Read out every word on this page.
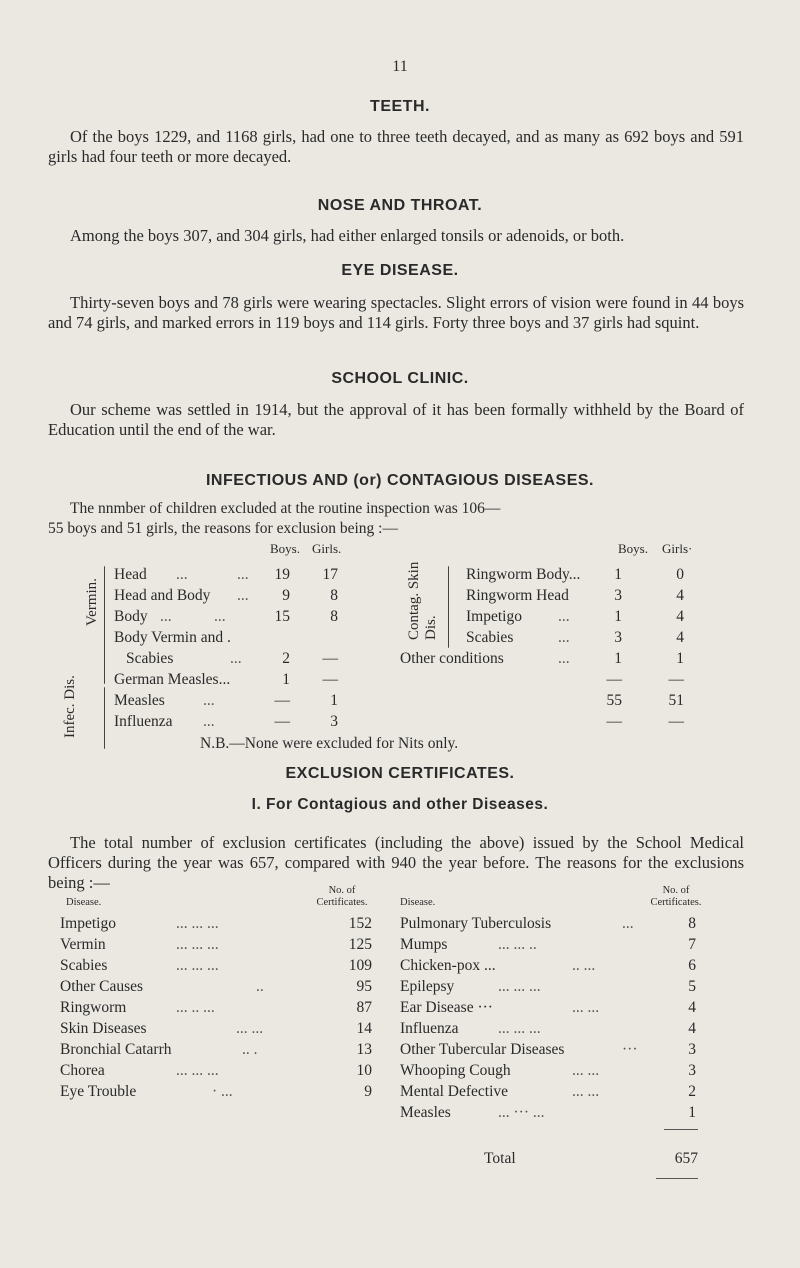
11
TEETH.
Of the boys 1229, and 1168 girls, had one to three teeth decayed, and as many as 692 boys and 591 girls had four teeth or more decayed.
NOSE AND THROAT.
Among the boys 307, and 304 girls, had either enlarged tonsils or adenoids, or both.
EYE DISEASE.
Thirty-seven boys and 78 girls were wearing spectacles. Slight errors of vision were found in 44 boys and 74 girls, and marked errors in 119 boys and 114 girls. Forty three boys and 37 girls had squint.
SCHOOL CLINIC.
Our scheme was settled in 1914, but the approval of it has been formally withheld by the Board of Education until the end of the war.
INFECTIOUS AND (or) CONTAGIOUS DISEASES.
The nnmber of children excluded at the routine inspection was 106—
55 boys and 51 girls, the reasons for exclusion being :—
Boys. Girls.	Boys. Girls·
Vermin.
Infec. Dis.
Contag. Skin Dis.
Head ...	...	19	17
Head and Body ...	9	8
Body ...	...	15	8
Body Vermin and .
Scabies	...	2	—
German Measles...	1	—
Measles ...	—	1
Influenza ...	—	3
Ringworm Body...	1	0
Ringworm Head	3	4
Impetigo ...	1	4
Scabies	...	3	4
Other conditions	...	1	1
—	—
55	51
—	—
N.B.—None were excluded for Nits only.
EXCLUSION CERTIFICATES.
I. For Contagious and other Diseases.
The total number of exclusion certificates (including the above) issued by the School Medical Officers during the year was 657, compared with 940 the year before. The reasons for the exclusions being :—
Disease.
No. of
Certificates.	Disease.
No. of
Certificates.
Impetigo	... ... ...	152
Vermin	... ... ...	125
Scabies	... ... ...	109
Other Causes	..	95
Ringworm	... .. ...	87
Skin Diseases	... ...	14
Bronchial Catarrh	.. .	13
Chorea	... ... ...	10
Eye Trouble	· ...	9
Pulmonary Tuberculosis	...	8
Mumps	... ... ..	7
Chicken-pox ...	.. ...	6
Epilepsy	... ... ...	5
Ear Disease ···	... ...	4
Influenza	... ... ...	4
Other Tubercular Diseases	···	3
Whooping Cough	... ...	3
Mental Defective	... ...	2
Measles	... ··· ...	1
Total	657
